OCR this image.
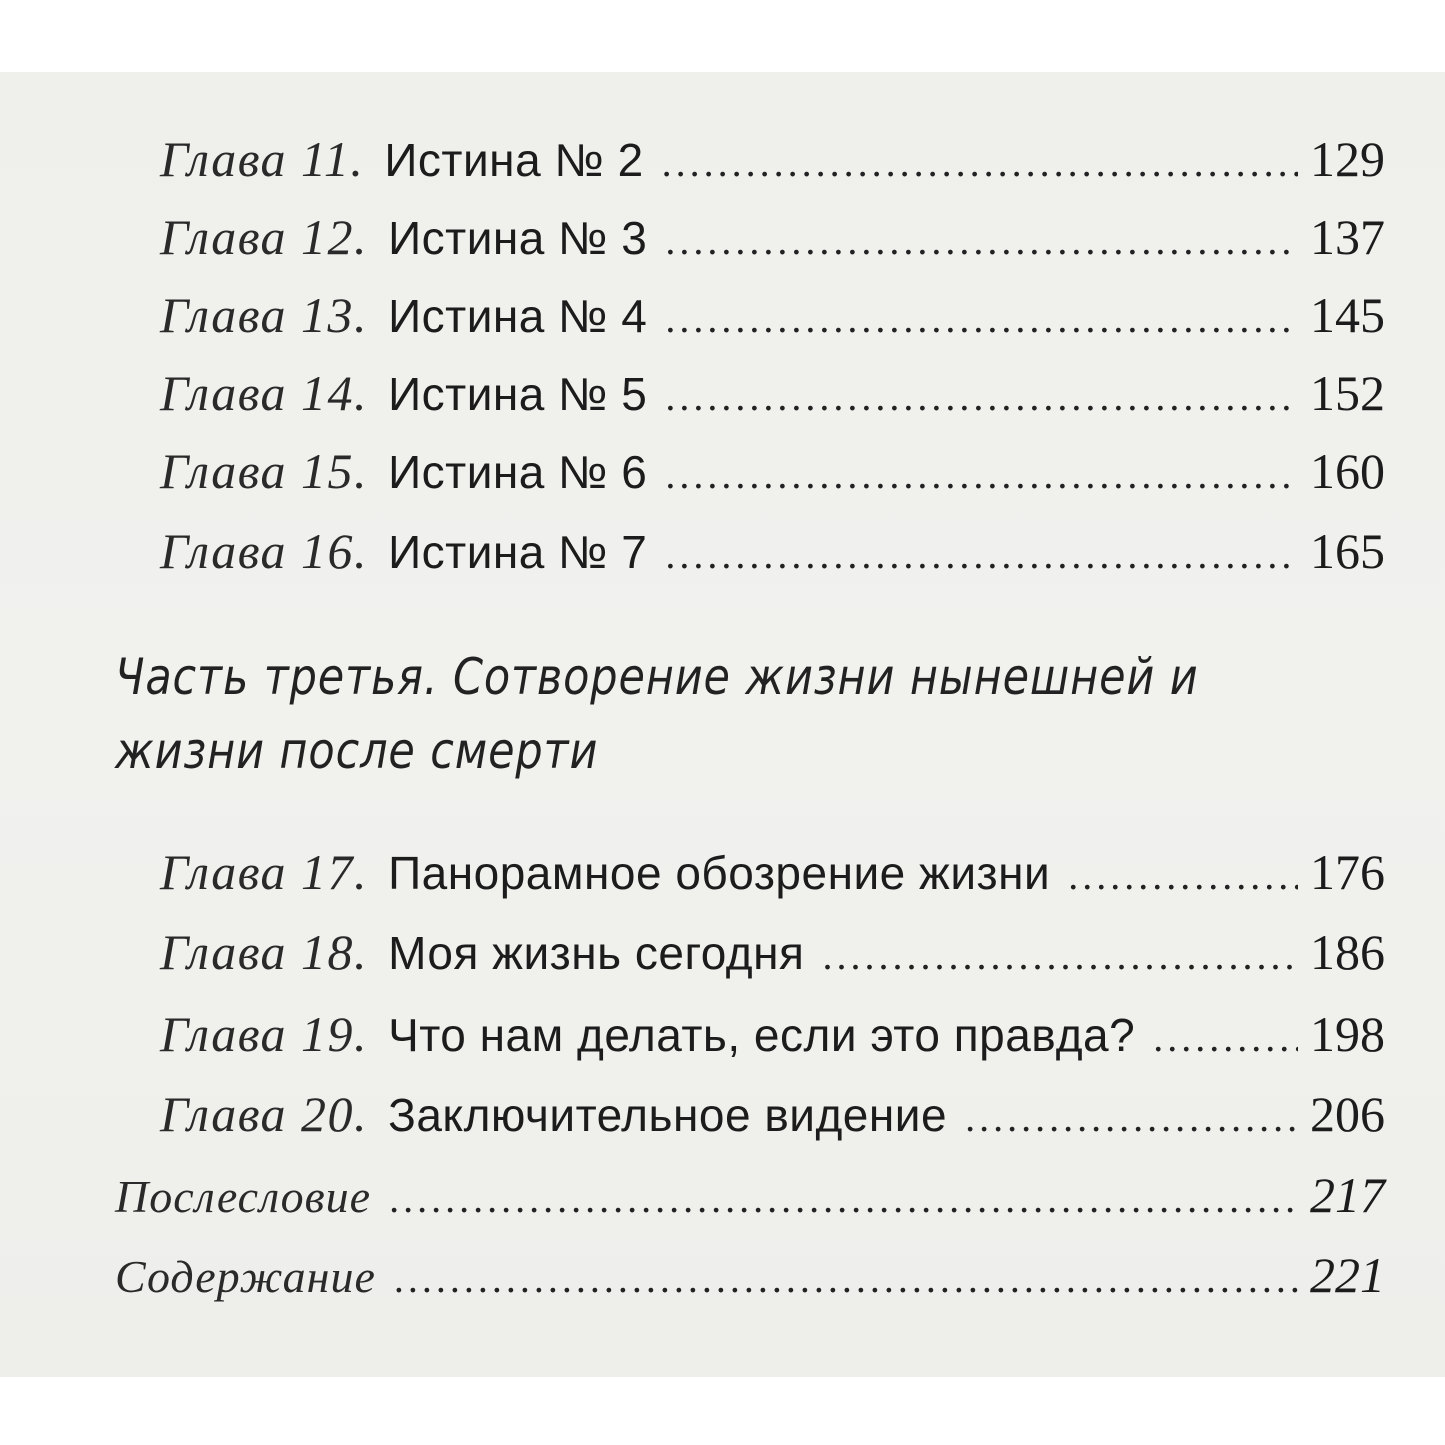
Глава 11. Истина № 2 .....	129
Глава 12. Истина № 3 .....	137
Глава 13. Истина № 4 .....	145
Глава 14. Истина № 5 .....	152
Глава 15. Истина № 6 .....	160
Глава 16. Истина № 7 .....	165
Часть третья. Сотворение жизни нынешней и
жизни после смерти
Глава 17. Панорамное обозрение жизни .....	176
Глава 18. Моя жизнь сегодня .....	186
Глава 19. Что нам делать, если это правда? .....	198
Глава 20. Заключительное видение .....	206
Послесловие .....	217
Содержание .....	221
